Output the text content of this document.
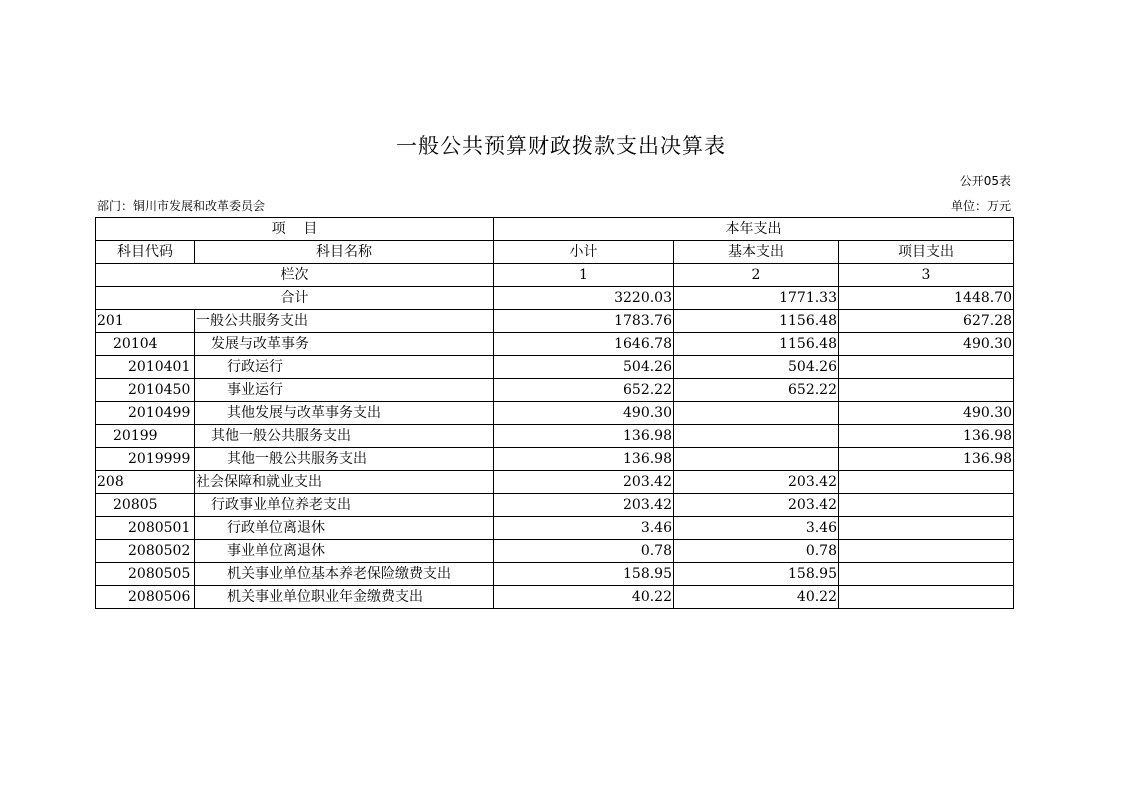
一般公共预算财政拨款支出决算表
公开05表
部门：铜川市发展和改革委员会	单位：万元
项    目		本年支出		
科目代码	科目名称	小计	基本支出	项目支出
栏次		1	2	3
合计		3220.03	1771.33	1448.70
201	一般公共服务支出	1783.76	1156.48	627.28
20104	发展与改革事务	1646.78	1156.48	490.30
2010401	行政运行	504.26	504.26	
2010450	事业运行	652.22	652.22	
2010499	其他发展与改革事务支出	490.30		490.30
20199	其他一般公共服务支出	136.98		136.98
2019999	其他一般公共服务支出	136.98		136.98
208	社会保障和就业支出	203.42	203.42	
20805	行政事业单位养老支出	203.42	203.42	
2080501	行政单位离退休	3.46	3.46	
2080502	事业单位离退休	0.78	0.78	
2080505	机关事业单位基本养老保险缴费支出	158.95	158.95	
2080506	机关事业单位职业年金缴费支出	40.22	40.22	
